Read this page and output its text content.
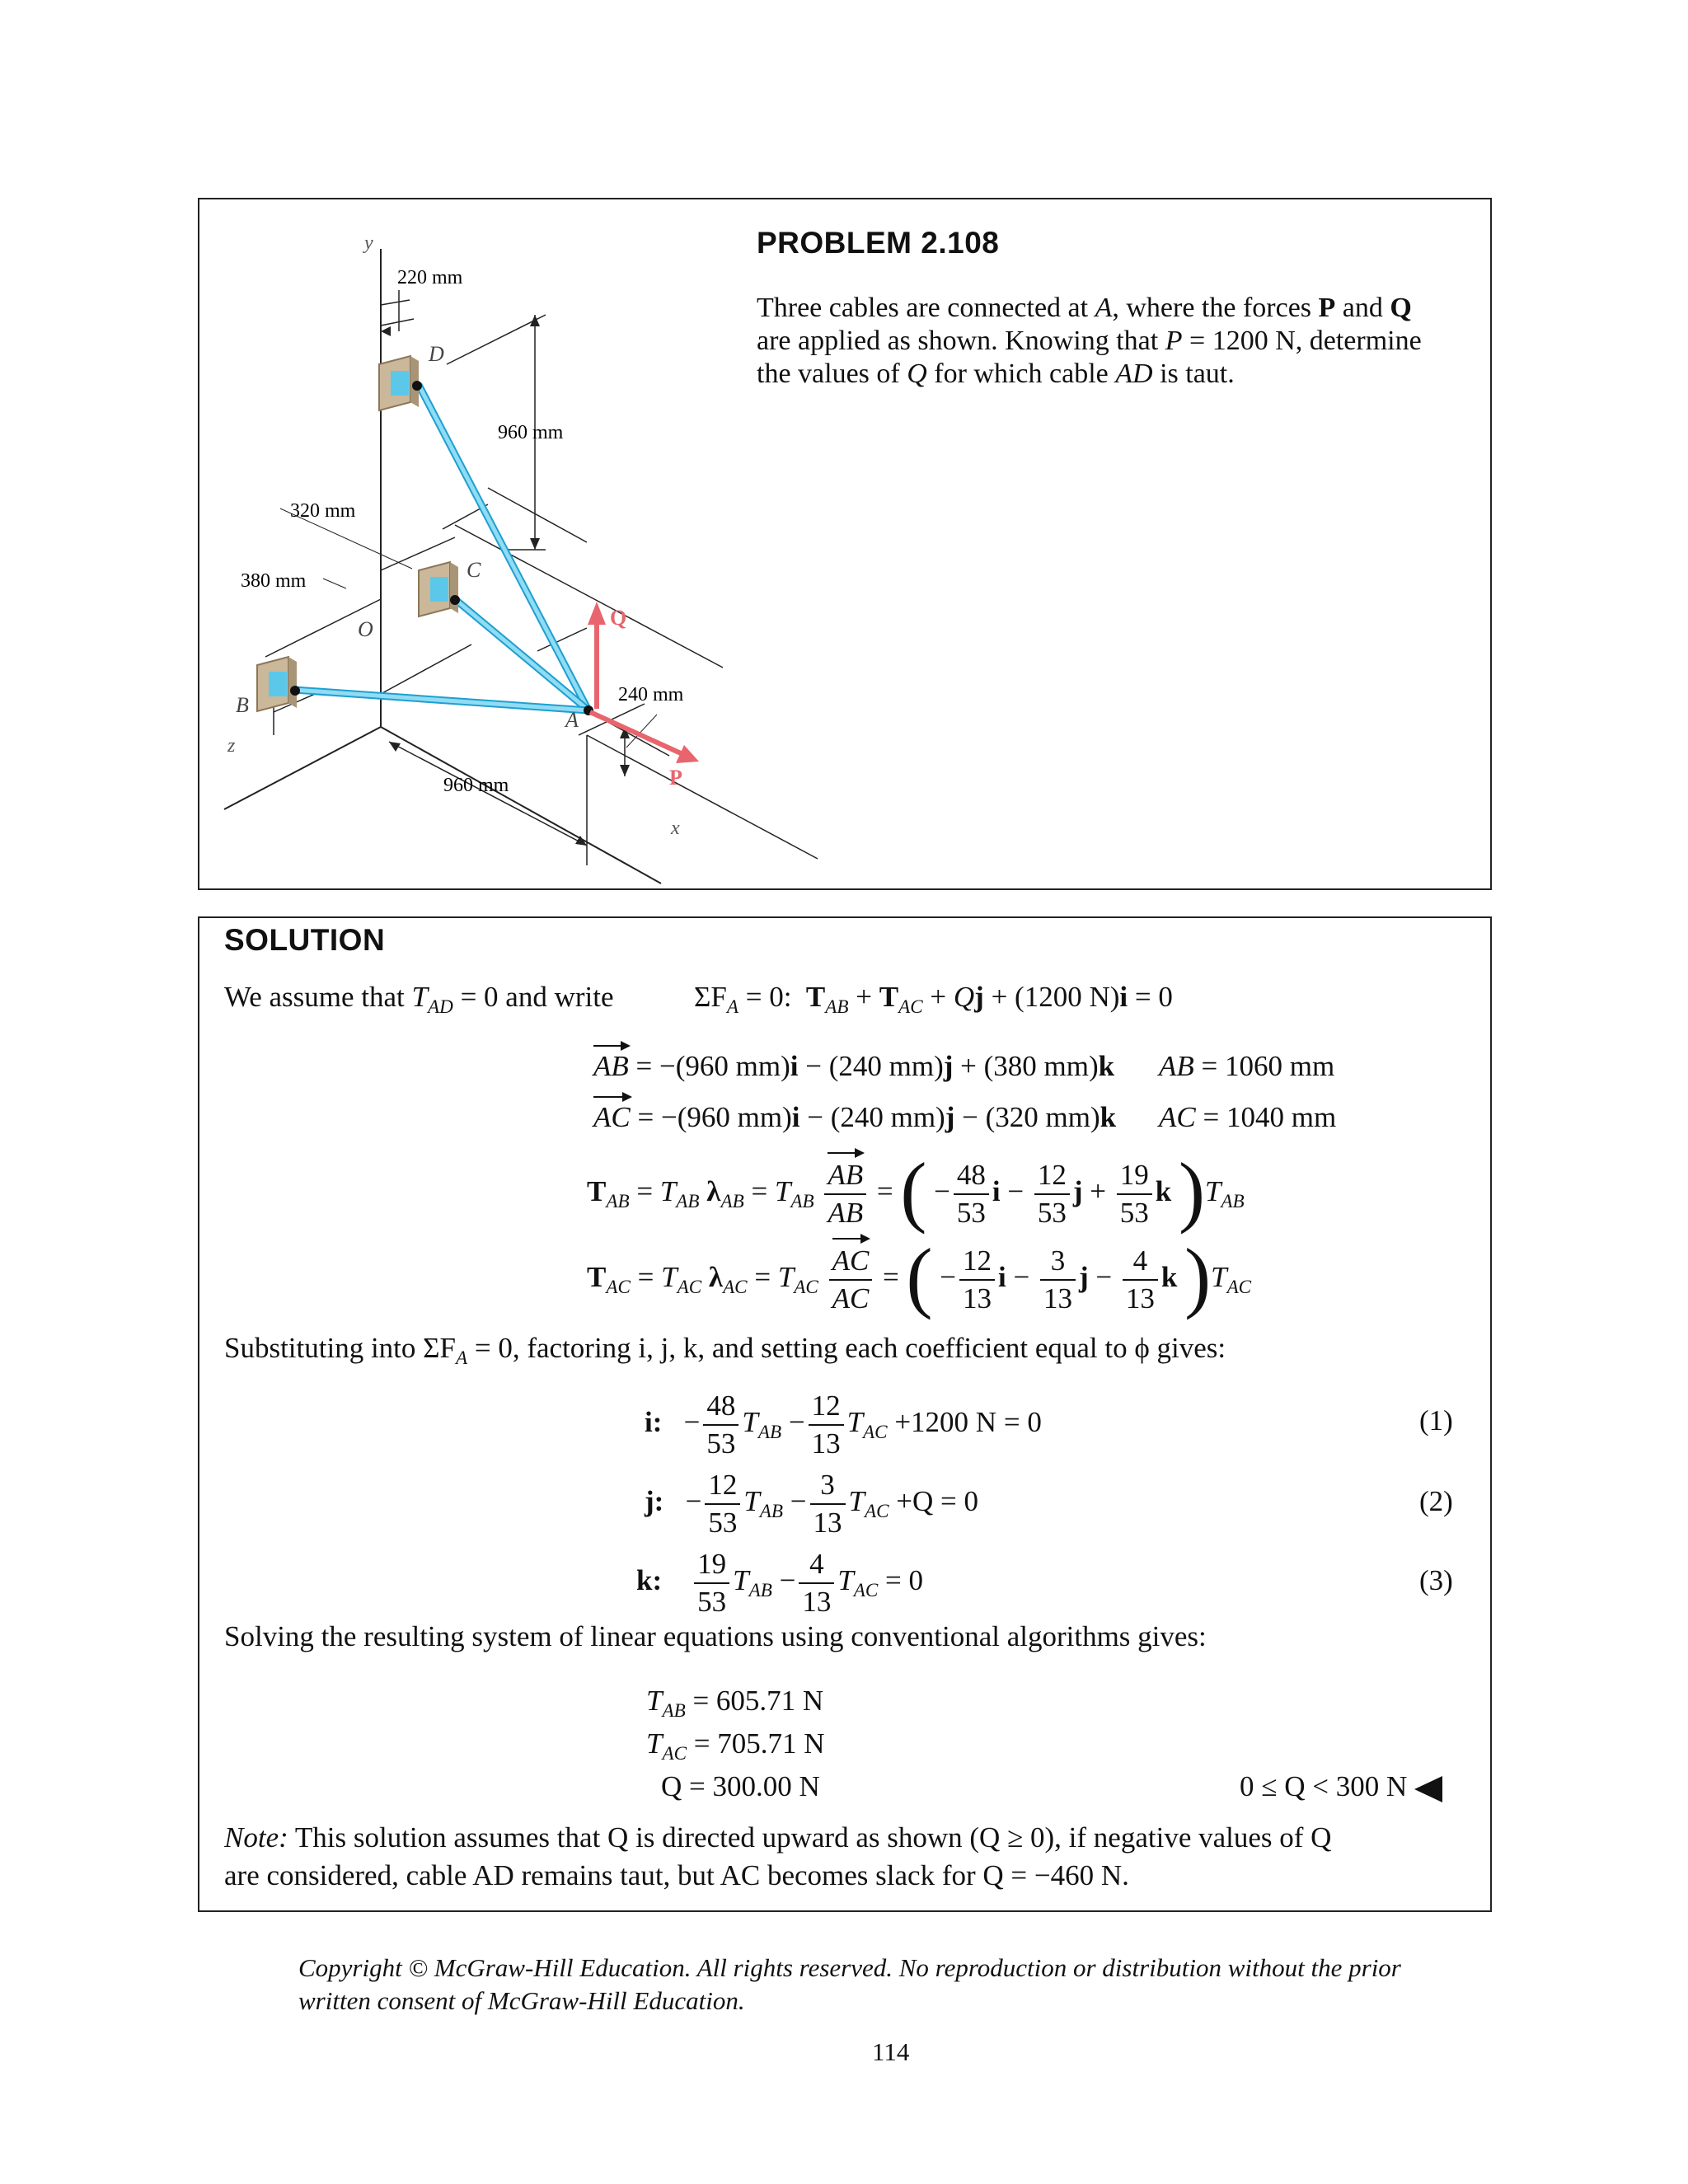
220 mm
960 mm
320 mm
380 mm
240 mm
960 mm
y
D
C
O
B
z
A
x
Q
P
PROBLEM 2.108
Three cables are connected at A, where the forces P and Q
are applied as shown. Knowing that P = 1200 N, determine
the values of Q for which cable AD is taut.
SOLUTION
We assume that $T_{AD} = 0$ and write	$\Sigma F_A = 0$:  $T_{AB} + T_{AC} + Qj + (1200$ N)i = 0
AB = −(960 mm)i − (240 mm)j + (380 mm)k AB = 1060 mm
AC = −(960 mm)i − (240 mm)j − (320 mm)k AC = 1040 mm
$T_{AB} = T_{AB}$ $\lambda_{AB} = T_{AB} \frac{AB}{AB}$ = ( − $\frac{48}{53}$ $i - \frac{12}{53}$ $j + \frac{19}{53}$ k )$T_{AB}$
$T_{AC} = T_{AC}$ $\lambda_{AC} = T_{AC} \frac{AC}{AC}$ = ( − $\frac{12}{13}$ $i - \frac{3}{13}$ $j - \frac{4}{13}$ k )$T_{AC}$
Substituting into $\Sigma F_A = 0$, factoring i, j, k, and setting each coefficient equal to ϕ gives:
i:   − $\frac{48}{53} T_{AB} - \frac{12}{13} T_{AC} +1200$ N = 0	(1)
j:   − $\frac{12}{53} T_{AB} - \frac{3}{13} T_{AC} +Q = 0$	(2)
k: $\frac{19}{53} T_{AB} - \frac{4}{13} T_{AC} = 0$	(3)
Solving the resulting system of linear equations using conventional algorithms gives:
$T_{AB} = 605.71$ N
$T_{AC} = 705.71$ N
Q = 300.00 N	0 ≤ Q < 300 N
Note: This solution assumes that Q is directed upward as shown (Q ≥ 0), if negative values of Q
are considered, cable AD remains taut, but AC becomes slack for Q = −460 N.
Copyright © McGraw-Hill Education. All rights reserved. No reproduction or distribution without the prior
written consent of McGraw-Hill Education.
114
